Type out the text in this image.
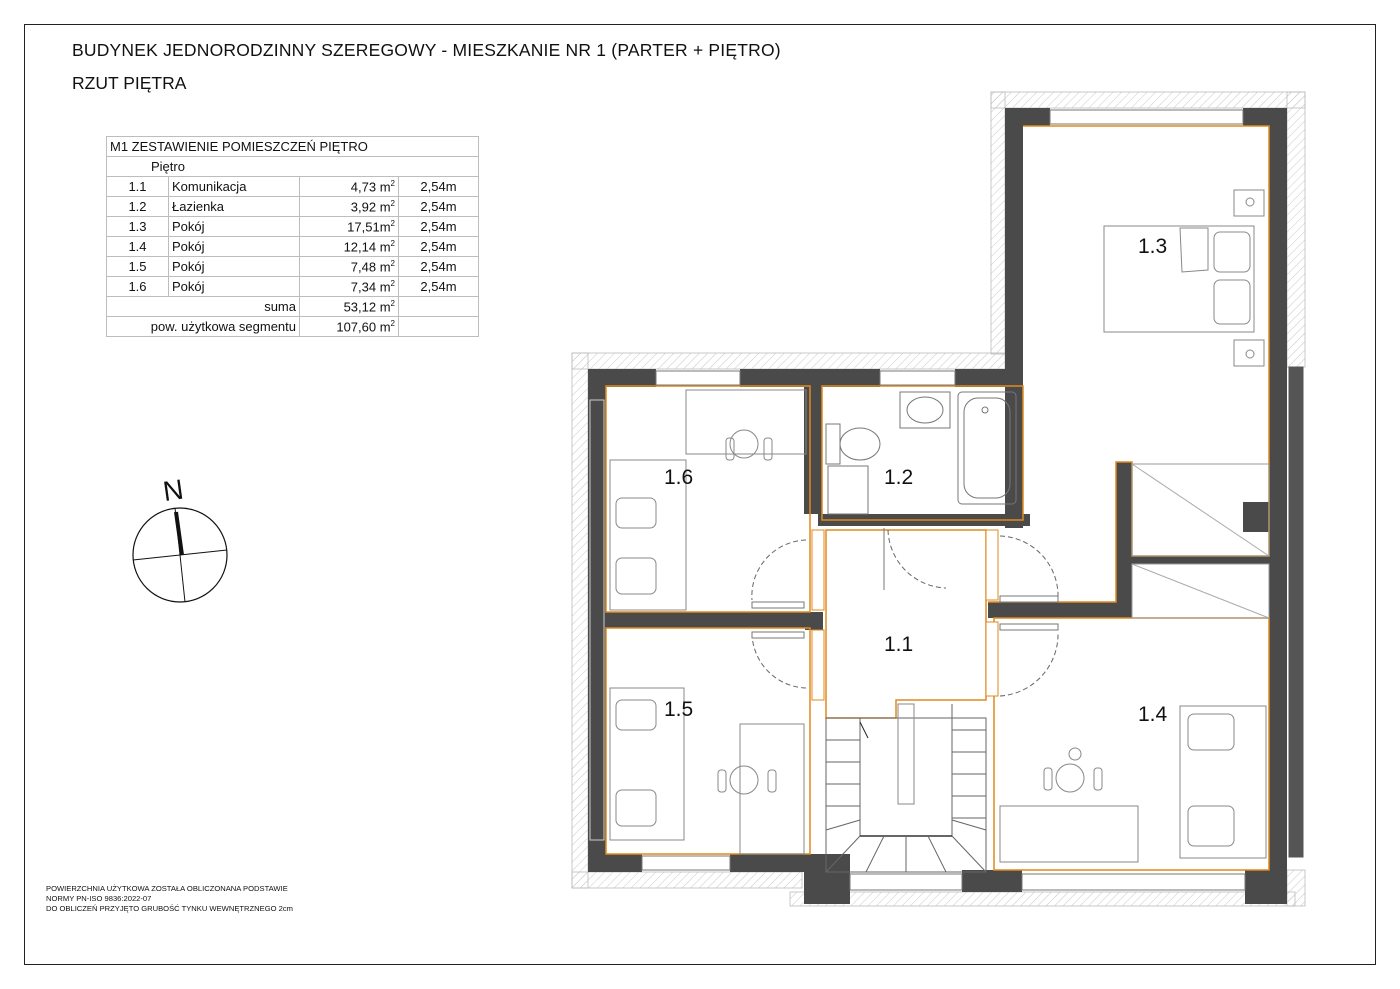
BUDYNEK JEDNORODZINNY SZEREGOWY - MIESZKANIE NR 1 (PARTER + PIĘTRO)
RZUT PIĘTRA
M1 ZESTAWIENIE POMIESZCZEŃ PIĘTRO			
Piętro			
1.1	Komunikacja	4,73 $m^2$	2,54m
1.2	Łazienka	3,92 $m^2$	2,54m
1.3	Pokój	$17,51m^2$	2,54m
1.4	Pokój	12,14 $m^2$	2,54m
1.5	Pokój	7,48 $m^2$	2,54m
1.6	Pokój	7,34 $m^2$	2,54m
suma		53,12 $m^2$	
pow. użytkowa segmentu		107,60 $m^2$	
1.3
1.6	1.2
1.1
1.5	1.4
N
POWIERZCHNIA UŻYTKOWA ZOSTAŁA OBLICZONANA PODSTAWIE
NORMY PN-ISO 9836:2022-07
DO OBLICZEŃ PRZYJĘTO GRUBOŚĆ TYNKU WEWNĘTRZNEGO 2cm
